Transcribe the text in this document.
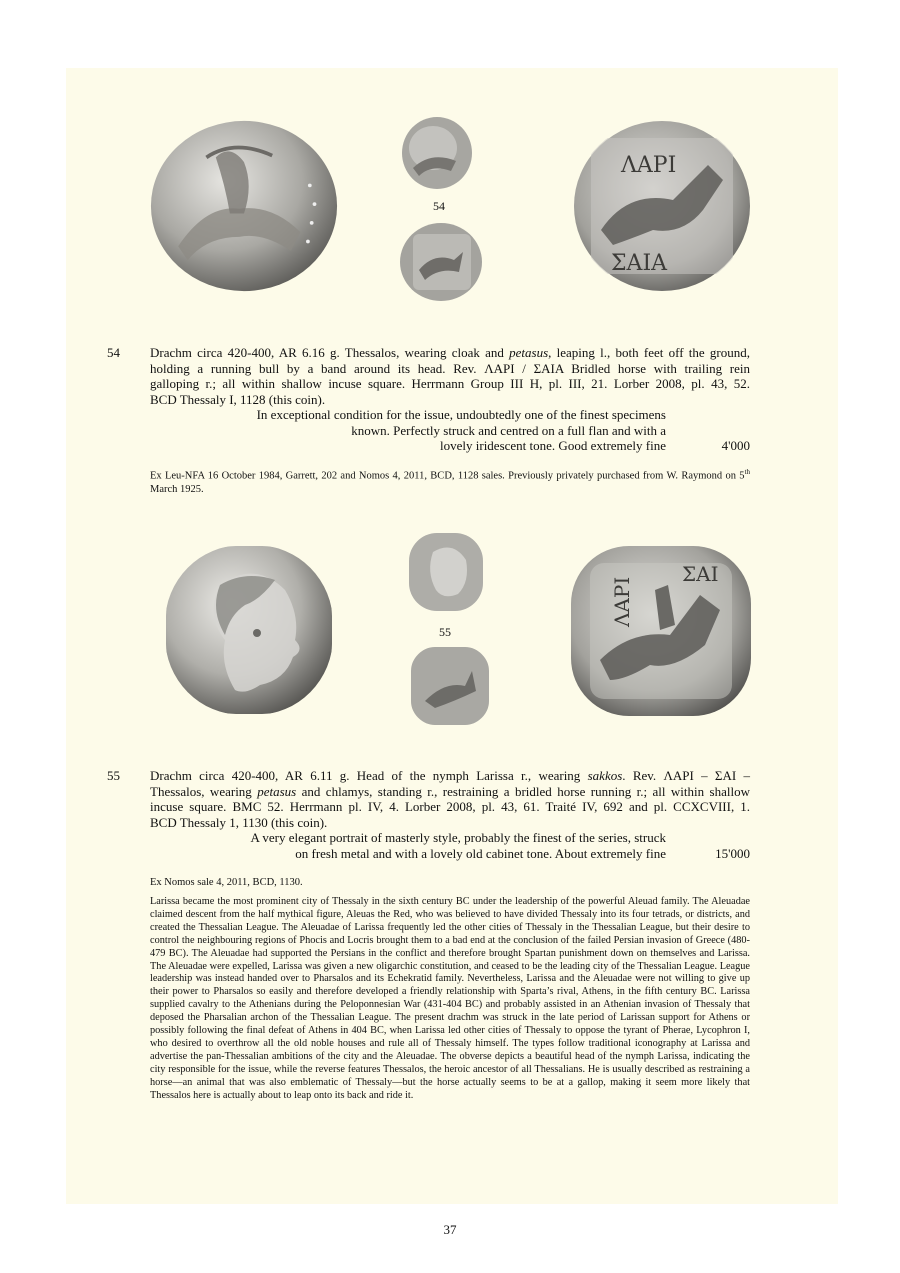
54
ΛΑΡΙ
ΣΑΙΑ
54 Drachm circa 420-400, AR 6.16 g. Thessalos, wearing cloak and petasus, leaping l., both feet off the ground,
holding a running bull by a band around its head. Rev. ΛΑΡΙ / ΣΑΙΑ Bridled horse with trailing rein
galloping r.; all within shallow incuse square. Herrmann Group III H, pl. III, 21. Lorber 2008, pl. 43, 52.
BCD Thessaly I, 1128 (this coin).
In exceptional condition for the issue, undoubtedly one of the finest specimens
known. Perfectly struck and centred on a full flan and with a
lovely iridescent tone. Good extremely fine	4'000
Ex Leu-NFA 16 October 1984, Garrett, 202 and Nomos 4, 2011, BCD, 1128 sales. Previously privately purchased from W. Raymond on 5th March 1925.
55
ΛΑΡΙ
ΣΑΙ
55 Drachm circa 420-400, AR 6.11 g. Head of the nymph Larissa r., wearing sakkos. Rev. ΛΑΡΙ – ΣΑΙ –
Thessalos, wearing petasus and chlamys, standing r., restraining a bridled horse running r.; all within shallow
incuse square. BMC 52. Herrmann pl. IV, 4. Lorber 2008, pl. 43, 61. Traité IV, 692 and pl. CCXCVIII, 1.
BCD Thessaly 1, 1130 (this coin).
A very elegant portrait of masterly style, probably the finest of the series, struck
on fresh metal and with a lovely old cabinet tone. About extremely fine	15'000
Ex Nomos sale 4, 2011, BCD, 1130.
Larissa became the most prominent city of Thessaly in the sixth century BC under the leadership of the powerful Aleuad family. The Aleuadae claimed descent from the half mythical figure, Aleuas the Red, who was believed to have divided Thessaly into its four tetrads, or districts, and created the Thessalian League. The Aleuadae of Larissa frequently led the other cities of Thessaly in the Thessalian League, but their desire to control the neighbouring regions of Phocis and Locris brought them to a bad end at the conclusion of the failed Persian invasion of Greece (480-479 BC). The Aleuadae had supported the Persians in the conflict and therefore brought Spartan punishment down on themselves and Larissa. The Aleuadae were expelled, Larissa was given a new oligarchic constitution, and ceased to be the leading city of the Thessalian League. League leadership was instead handed over to Pharsalos and its Echekratid family. Nevertheless, Larissa and the Aleuadae were not willing to give up their power to Pharsalos so easily and therefore developed a friendly relationship with Sparta’s rival, Athens, in the fifth century BC. Larissa supplied cavalry to the Athenians during the Peloponnesian War (431-404 BC) and probably assisted in an Athenian invasion of Thessaly that deposed the Pharsalian archon of the Thessalian League. The present drachm was struck in the late period of Larissan support for Athens or possibly following the final defeat of Athens in 404 BC, when Larissa led other cities of Thessaly to oppose the tyrant of Pherae, Lycophron I, who desired to overthrow all the old noble houses and rule all of Thessaly himself. The types follow traditional iconography at Larissa and advertise the pan-Thessalian ambitions of the city and the Aleuadae. The obverse depicts a beautiful head of the nymph Larissa, indicating the city responsible for the issue, while the reverse features Thessalos, the heroic ancestor of all Thessalians. He is usually described as restraining a horse—an animal that was also emblematic of Thessaly—but the horse actually seems to be at a gallop, making it seem more likely that Thessalos here is actually about to leap onto its back and ride it.
37
